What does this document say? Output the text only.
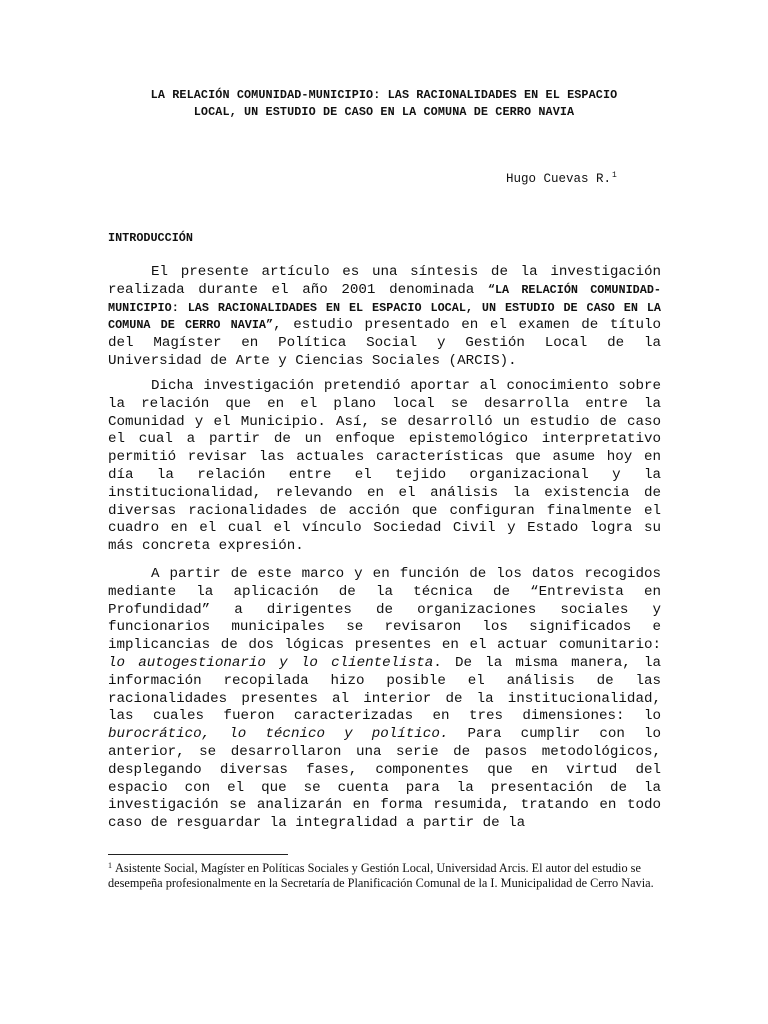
LA RELACIÓN COMUNIDAD-MUNICIPIO: LAS RACIONALIDADES EN EL ESPACIO
LOCAL, UN ESTUDIO DE CASO EN LA COMUNA DE CERRO NAVIA
Hugo Cuevas R.$^1$
INTRODUCCIÓN
El presente artículo es una síntesis de la investigación realizada durante el año 2001 denominada “LA RELACIÓN COMUNIDAD-MUNICIPIO: LAS RACIONALIDADES EN EL ESPACIO LOCAL, UN ESTUDIO DE CASO EN LA COMUNA DE CERRO NAVIA”, estudio presentado en el examen de título del Magíster en Política Social y Gestión Local de la Universidad de Arte y Ciencias Sociales (ARCIS).
Dicha investigación pretendió aportar al conocimiento sobre la relación que en el plano local se desarrolla entre la Comunidad y el Municipio. Así, se desarrolló un estudio de caso el cual a partir de un enfoque epistemológico interpretativo permitió revisar las actuales características que asume hoy en día la relación entre el tejido organizacional y la institucionalidad, relevando en el análisis la existencia de diversas racionalidades de acción que configuran finalmente el cuadro en el cual el vínculo Sociedad Civil y Estado logra su más concreta expresión.
A partir de este marco y en función de los datos recogidos mediante la aplicación de la técnica de “Entrevista en Profundidad” a dirigentes de organizaciones sociales y funcionarios municipales se revisaron los significados e implicancias de dos lógicas presentes en el actuar comunitario: lo autogestionario y lo clientelista. De la misma manera, la información recopilada hizo posible el análisis de las racionalidades presentes al interior de la institucionalidad, las cuales fueron caracterizadas en tres dimensiones: lo burocrático, lo técnico y político. Para cumplir con lo anterior, se desarrollaron una serie de pasos metodológicos, desplegando diversas fases, componentes que en virtud del espacio con el que se cuenta para la presentación de la investigación se analizarán en forma resumida, tratando en todo caso de resguardar la integralidad a partir de la
$^1$ Asistente Social, Magíster en Políticas Sociales y Gestión Local, Universidad Arcis. El autor del estudio se desempeña profesionalmente en la Secretaría de Planificación Comunal de la I. Municipalidad de Cerro Navia.
